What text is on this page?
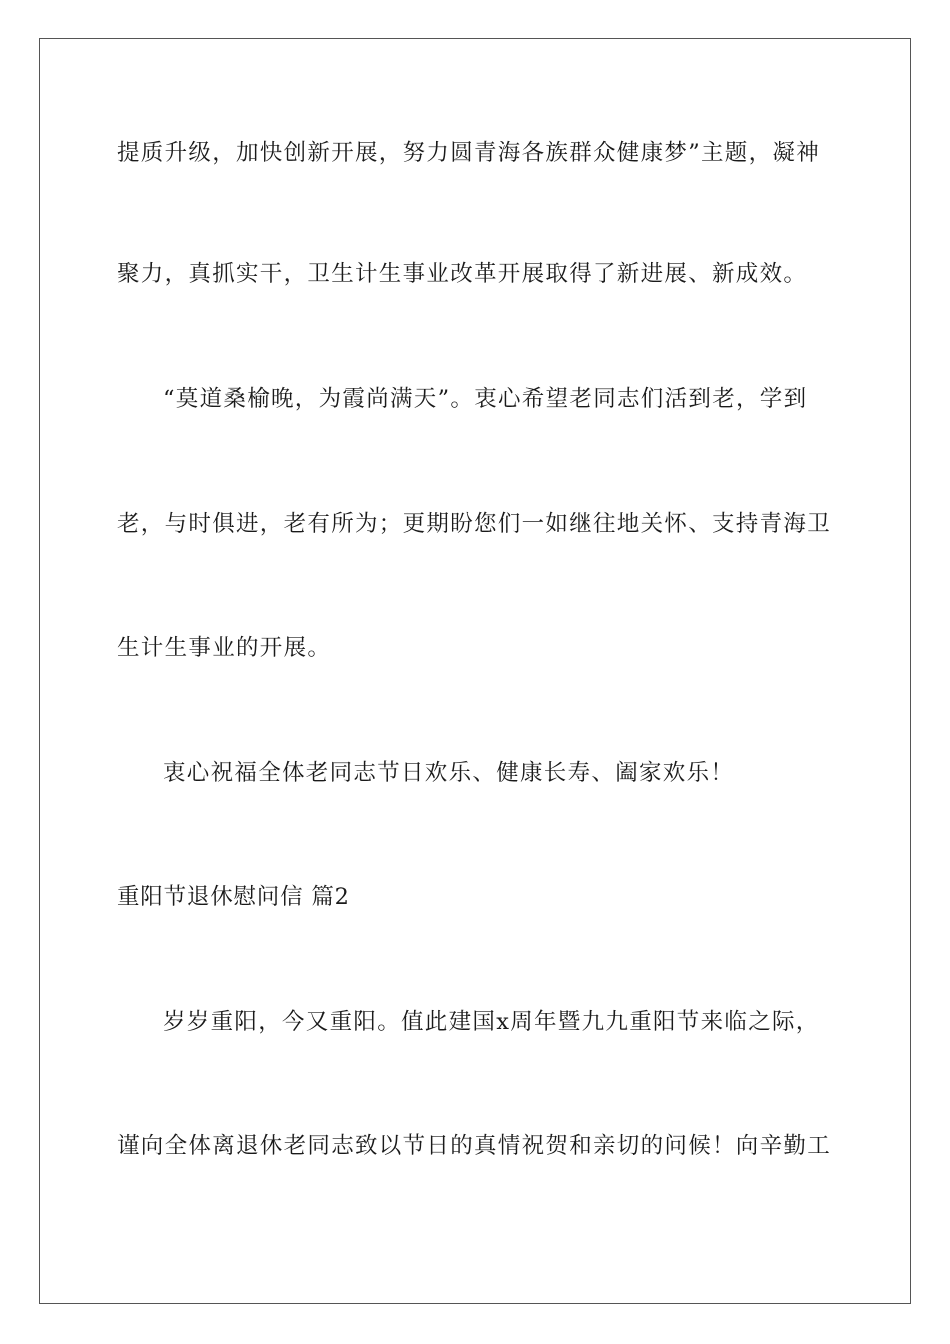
提质升级，加快创新开展，努力圆青海各族群众健康梦”主题，凝神
聚力，真抓实干，卫生计生事业改革开展取得了新进展、新成效。
“莫道桑榆晚，为霞尚满天”。衷心希望老同志们活到老，学到
老，与时俱进，老有所为；更期盼您们一如继往地关怀、支持青海卫
生计生事业的开展。
衷心祝福全体老同志节日欢乐、健康长寿、阖家欢乐！
重阳节退休慰问信 篇2
岁岁重阳，今又重阳。值此建国x周年暨九九重阳节来临之际，
谨向全体离退休老同志致以节日的真情祝贺和亲切的问候！向辛勤工
